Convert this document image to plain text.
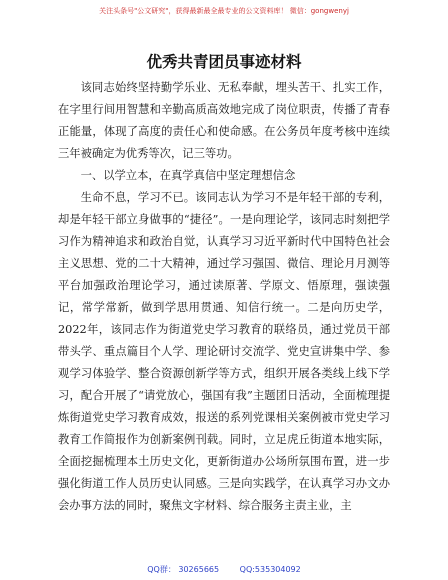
关注头条号"公文研究"，获得最新最全最专业的公文资料库！ 微信：gongwenyj
优秀共青团员事迹材料

该同志始终坚持勤学乐业、无私奉献，埋头苦干、扎实工作，在字里行间用智慧和辛勤高质高效地完成了岗位职责，传播了青春正能量，体现了高度的责任心和使命感。在公务员年度考核中连续三年被确定为优秀等次，记三等功。

一、以学立本，在真学真信中坚定理想信念

生命不息，学习不已。该同志认为学习不是年轻干部的专利，却是年轻干部立身做事的“捷径”。一是向理论学，该同志时刻把学习作为精神追求和政治自觉，认真学习习近平新时代中国特色社会主义思想、党的二十大精神，通过学习强国、微信、理论月月测等平台加强政治理论学习，通过读原著、学原文、悟原理，强读强记，常学常新，做到学思用贯通、知信行统一。二是向历史学，2022年，该同志作为街道党史学习教育的联络员，通过党员干部带头学、重点篇目个人学、理论研讨交流学、党史宣讲集中学、参观学习体验学、整合资源创新学等方式，组织开展各类线上线下学习，配合开展了“请党放心，强国有我”主题团日活动，全面梳理提炼街道党史学习教育成效，报送的系列党课相关案例被市党史学习教育工作简报作为创新案例刊载。同时，立足虎丘街道本地实际，全面挖掘梳理本土历史文化，更新街道办公场所氛围布置，进一步强化街道工作人员历史认同感。三是向实践学，在认真学习办文办会办事方法的同时，聚焦文字材料、综合服务主责主业，主

QQ群： 30265665	QQ:535304092
